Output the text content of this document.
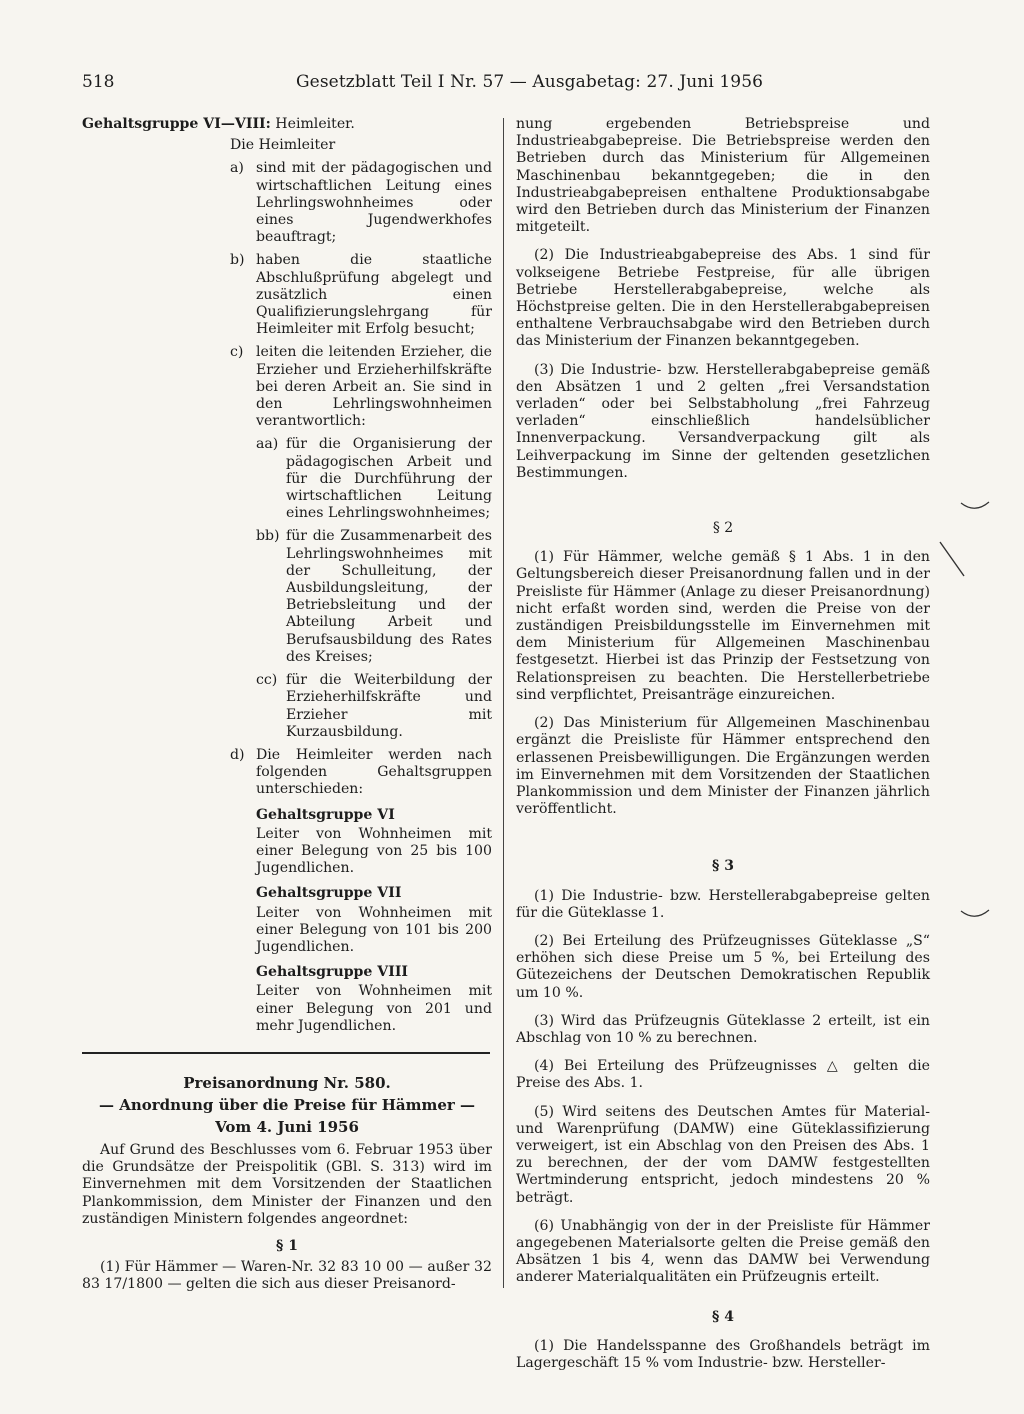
518	Gesetzblatt Teil I Nr. 57 — Ausgabetag: 27. Juni 1956

Gehaltsgruppe VI—VIII: Heimleiter.

Die Heimleiter

a) sind mit der pädagogischen und wirtschaftlichen Leitung eines Lehrlingswohnheimes oder eines Jugendwerkhofes beauftragt;
b) haben die staatliche Abschlußprüfung abgelegt und zusätzlich einen Qualifizierungslehrgang für Heimleiter mit Erfolg besucht;
c) leiten die leitenden Erzieher, die Erzieher und Erzieherhilfskräfte bei deren Arbeit an. Sie sind in den Lehrlingswohnheimen verantwortlich:

aa) für die Organisierung der pädagogischen Arbeit und für die Durchführung der wirtschaftlichen Leitung eines Lehrlingswohnheimes;
bb) für die Zusammenarbeit des Lehrlingswohnheimes mit der Schulleitung, der Ausbildungsleitung, der Betriebsleitung und der Abteilung Arbeit und Berufsausbildung des Rates des Kreises;
cc) für die Weiterbildung der Erzieherhilfskräfte und Erzieher mit Kurzausbildung.
d) Die Heimleiter werden nach folgenden Gehaltsgruppen unterschieden:

Gehaltsgruppe VI

Leiter von Wohnheimen mit einer Belegung von 25 bis 100 Jugendlichen.

Gehaltsgruppe VII

Leiter von Wohnheimen mit einer Belegung von 101 bis 200 Jugendlichen.

Gehaltsgruppe VIII

Leiter von Wohnheimen mit einer Belegung von 201 und mehr Jugendlichen.

Preisanordnung Nr. 580.

— Anordnung über die Preise für Hämmer —

Vom 4. Juni 1956

Auf Grund des Beschlusses vom 6. Februar 1953 über die Grundsätze der Preispolitik (GBl. S. 313) wird im Einvernehmen mit dem Vorsitzenden der Staatlichen Plankommission, dem Minister der Finanzen und den zuständigen Ministern folgendes angeordnet:

§ 1

(1) Für Hämmer — Waren-Nr. 32 83 10 00 — außer 32 83 17/1800 — gelten die sich aus dieser Preisanord-

nung ergebenden Betriebspreise und Industrieabgabepreise. Die Betriebspreise werden den Betrieben durch das Ministerium für Allgemeinen Maschinenbau bekanntgegeben; die in den Industrieabgabepreisen enthaltene Produktionsabgabe wird den Betrieben durch das Ministerium der Finanzen mitgeteilt.

(2) Die Industrieabgabepreise des Abs. 1 sind für volkseigene Betriebe Festpreise, für alle übrigen Betriebe Herstellerabgabepreise, welche als Höchstpreise gelten. Die in den Herstellerabgabepreisen enthaltene Verbrauchsabgabe wird den Betrieben durch das Ministerium der Finanzen bekanntgegeben.

(3) Die Industrie- bzw. Herstellerabgabepreise gemäß den Absätzen 1 und 2 gelten „frei Versandstation verladen“ oder bei Selbstabholung „frei Fahrzeug verladen“ einschließlich handelsüblicher Innenverpackung. Versandverpackung gilt als Leihverpackung im Sinne der geltenden gesetzlichen Bestimmungen.

§ 2

(1) Für Hämmer, welche gemäß § 1 Abs. 1 in den Geltungsbereich dieser Preisanordnung fallen und in der Preisliste für Hämmer (Anlage zu dieser Preisanordnung) nicht erfaßt worden sind, werden die Preise von der zuständigen Preisbildungsstelle im Einvernehmen mit dem Ministerium für Allgemeinen Maschinenbau festgesetzt. Hierbei ist das Prinzip der Festsetzung von Relationspreisen zu beachten. Die Herstellerbetriebe sind verpflichtet, Preisanträge einzureichen.

(2) Das Ministerium für Allgemeinen Maschinenbau ergänzt die Preisliste für Hämmer entsprechend den erlassenen Preisbewilligungen. Die Ergänzungen werden im Einvernehmen mit dem Vorsitzenden der Staatlichen Plankommission und dem Minister der Finanzen jährlich veröffentlicht.

§ 3

(1) Die Industrie- bzw. Herstellerabgabepreise gelten für die Güteklasse 1.

(2) Bei Erteilung des Prüfzeugnisses Güteklasse „S“ erhöhen sich diese Preise um 5 %, bei Erteilung des Gütezeichens der Deutschen Demokratischen Republik um 10 %.

(3) Wird das Prüfzeugnis Güteklasse 2 erteilt, ist ein Abschlag von 10 % zu berechnen.

(4) Bei Erteilung des Prüfzeugnisses △ gelten die Preise des Abs. 1.

(5) Wird seitens des Deutschen Amtes für Material- und Warenprüfung (DAMW) eine Güteklassifizierung verweigert, ist ein Abschlag von den Preisen des Abs. 1 zu berechnen, der der vom DAMW festgestellten Wertminderung entspricht, jedoch mindestens 20 % beträgt.

(6) Unabhängig von der in der Preisliste für Hämmer angegebenen Materialsorte gelten die Preise gemäß den Absätzen 1 bis 4, wenn das DAMW bei Verwendung anderer Materialqualitäten ein Prüfzeugnis erteilt.

§ 4

(1) Die Handelsspanne des Großhandels beträgt im Lagergeschäft 15 % vom Industrie- bzw. Hersteller-
